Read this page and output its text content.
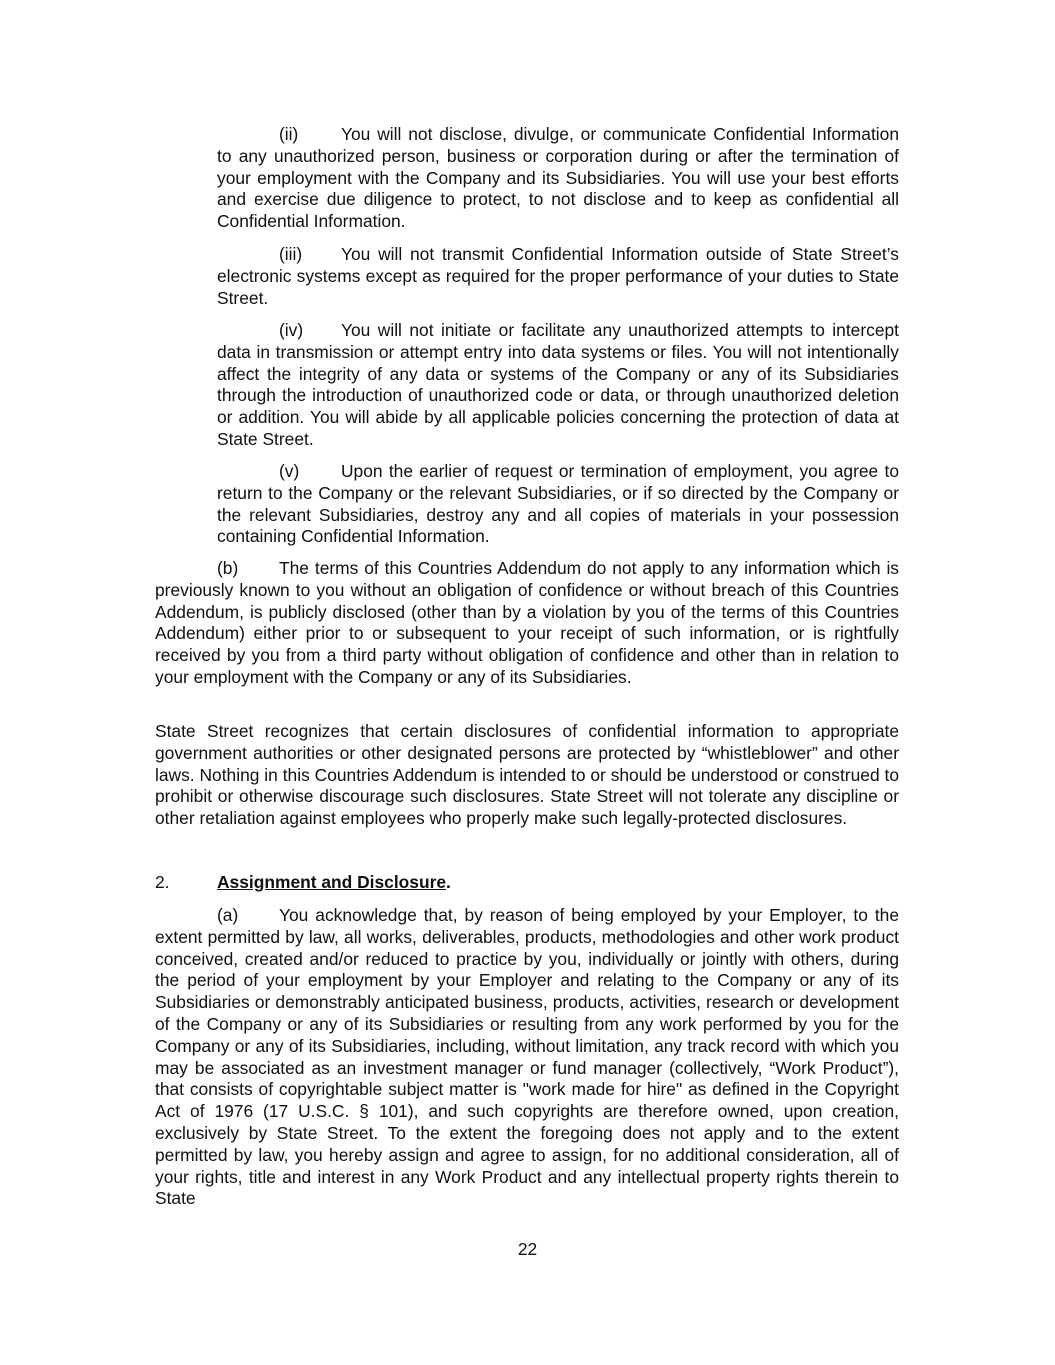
(ii) You will not disclose, divulge, or communicate Confidential Information to any unauthorized person, business or corporation during or after the termination of your employment with the Company and its Subsidiaries. You will use your best efforts and exercise due diligence to protect, to not disclose and to keep as confidential all Confidential Information.

(iii) You will not transmit Confidential Information outside of State Street’s electronic systems except as required for the proper performance of your duties to State Street.

(iv) You will not initiate or facilitate any unauthorized attempts to intercept data in transmission or attempt entry into data systems or files. You will not intentionally affect the integrity of any data or systems of the Company or any of its Subsidiaries through the introduction of unauthorized code or data, or through unauthorized deletion or addition. You will abide by all applicable policies concerning the protection of data at State Street.

(v) Upon the earlier of request or termination of employment, you agree to return to the Company or the relevant Subsidiaries, or if so directed by the Company or the relevant Subsidiaries, destroy any and all copies of materials in your possession containing Confidential Information.

(b) The terms of this Countries Addendum do not apply to any information which is previously known to you without an obligation of confidence or without breach of this Countries Addendum, is publicly disclosed (other than by a violation by you of the terms of this Countries Addendum) either prior to or subsequent to your receipt of such information, or is rightfully received by you from a third party without obligation of confidence and other than in relation to your employment with the Company or any of its Subsidiaries.

State Street recognizes that certain disclosures of confidential information to appropriate government authorities or other designated persons are protected by “whistleblower” and other laws. Nothing in this Countries Addendum is intended to or should be understood or construed to prohibit or otherwise discourage such disclosures. State Street will not tolerate any discipline or other retaliation against employees who properly make such legally-protected disclosures.

2.	Assignment and Disclosure.

(a) You acknowledge that, by reason of being employed by your Employer, to the extent permitted by law, all works, deliverables, products, methodologies and other work product conceived, created and/or reduced to practice by you, individually or jointly with others, during the period of your employment by your Employer and relating to the Company or any of its Subsidiaries or demonstrably anticipated business, products, activities, research or development of the Company or any of its Subsidiaries or resulting from any work performed by you for the Company or any of its Subsidiaries, including, without limitation, any track record with which you may be associated as an investment manager or fund manager (collectively, “Work Product”), that consists of copyrightable subject matter is "work made for hire" as defined in the Copyright Act of 1976 (17 U.S.C. § 101), and such copyrights are therefore owned, upon creation, exclusively by State Street. To the extent the foregoing does not apply and to the extent permitted by law, you hereby assign and agree to assign, for no additional consideration, all of your rights, title and interest in any Work Product and any intellectual property rights therein to State

22
